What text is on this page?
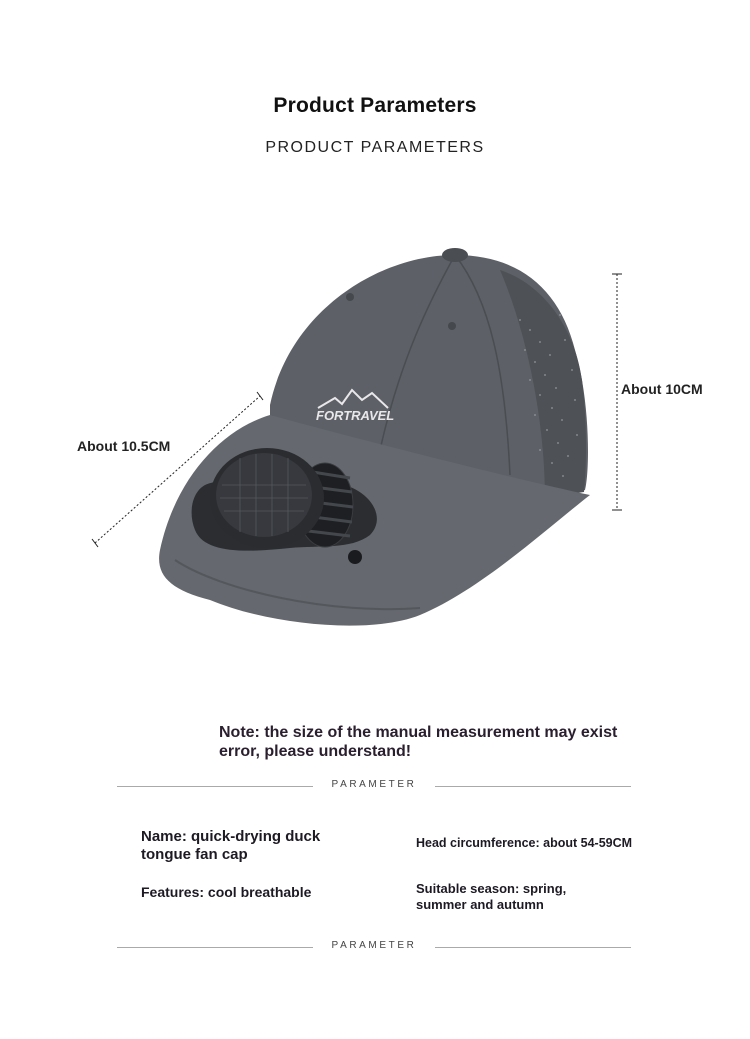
Product Parameters
PRODUCT PARAMETERS
FORTRAVEL
About 10.5CM
About 10CM
Note: the size of the manual measurement may exist error, please understand!
PARAMETER
Name: quick-drying duck tongue fan cap
Head circumference: about 54-59CM
Features: cool breathable	Suitable season: spring, summer and autumn
PARAMETER
